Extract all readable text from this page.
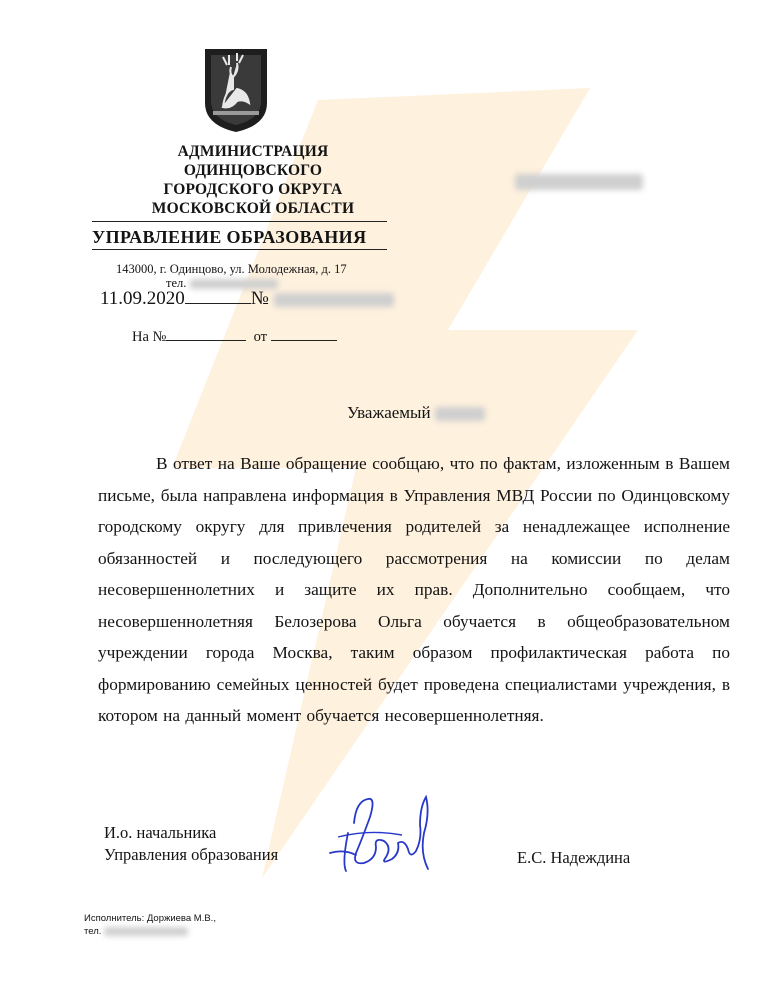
АДМИНИСТРАЦИЯ
ОДИНЦОВСКОГО
ГОРОДСКОГО ОКРУГА
МОСКОВСКОЙ ОБЛАСТИ
УПРАВЛЕНИЕ ОБРАЗОВАНИЯ
143000, г. Одинцово, ул. Молодежная, д. 17
тел.
11.09.2020	№
На №	от
Уважаемый
В ответ на Ваше обращение сообщаю, что по фактам, изложенным в Вашем письме, была направлена информация в Управления МВД России по Одинцовскому городскому округу для привлечения родителей за ненадлежащее исполнение обязанностей и последующего рассмотрения на комиссии по делам несовершеннолетних и защите их прав. Дополнительно сообщаем, что несовершеннолетняя Белозерова Ольга обучается в общеобразовательном учреждении города Москва, таким образом профилактическая работа по формированию семейных ценностей будет проведена специалистами учреждения, в котором на данный момент обучается несовершеннолетняя.
И.о. начальника
Управления образования	Е.С. Надеждина
Исполнитель: Доржиева М.В.,
тел.
